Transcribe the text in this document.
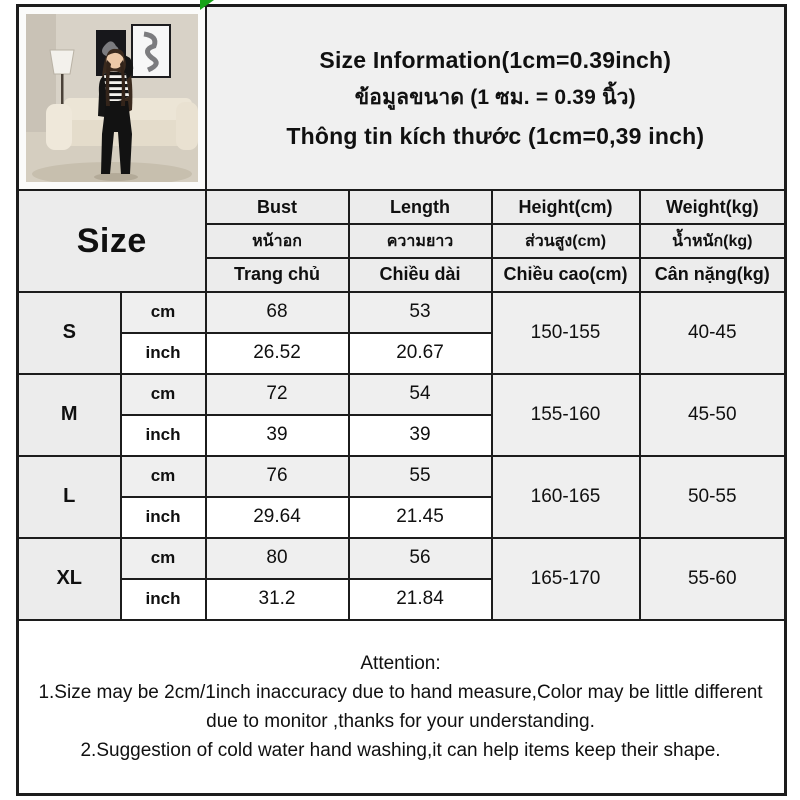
Size Information(1cm=0.39inch)
ข้อมูลขนาด (1 ซม. = 0.39 นิ้ว)
Thông tin kích thước (1cm=0,39 inch)			

Size		Bust	Length	Height(cm)	Weight(kg)
		หน้าอก	ความยาว	ส่วนสูง(cm)	น้ำหนัก(kg)
		Trang chủ	Chiều dài	Chiều cao(cm)	Cân nặng(kg)
S	cm	68	53	150-155	40-45
	inch	26.52	20.67		
M	cm	72	54	155-160	45-50
	inch	39	39		
L	cm	76	55	160-165	50-55
	inch	29.64	21.45		
XL	cm	80	56	165-170	55-60
	inch	31.2	21.84		

Attention:
1.Size may be 2cm/1inch inaccuracy due to hand measure,Color may be little different due to monitor ,thanks for your understanding.
2.Suggestion of cold water hand washing,it can help items keep their shape.					
